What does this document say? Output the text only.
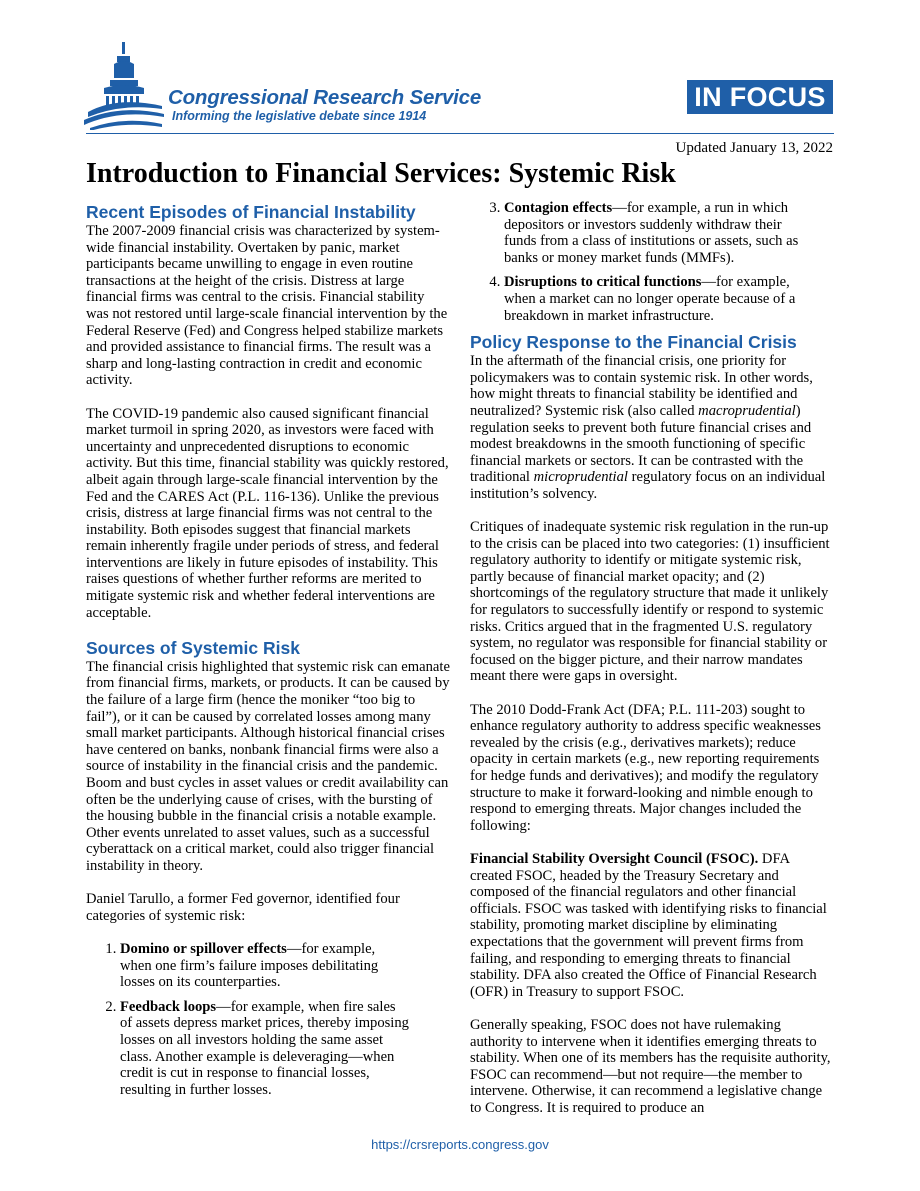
Congressional Research Service
Informing the legislative debate since 1914
IN FOCUS
Updated January 13, 2022
Introduction to Financial Services: Systemic Risk
Recent Episodes of Financial Instability

The 2007-2009 financial crisis was characterized by system-wide financial instability. Overtaken by panic, market participants became unwilling to engage in even routine transactions at the height of the crisis. Distress at large financial firms was central to the crisis. Financial stability was not restored until large-scale financial intervention by the Federal Reserve (Fed) and Congress helped stabilize markets and provided assistance to financial firms. The result was a sharp and long-lasting contraction in credit and economic activity.

The COVID-19 pandemic also caused significant financial market turmoil in spring 2020, as investors were faced with uncertainty and unprecedented disruptions to economic activity. But this time, financial stability was quickly restored, albeit again through large-scale financial intervention by the Fed and the CARES Act (P.L. 116-136). Unlike the previous crisis, distress at large financial firms was not central to the instability. Both episodes suggest that financial markets remain inherently fragile under periods of stress, and federal interventions are likely in future episodes of instability. This raises questions of whether further reforms are merited to mitigate systemic risk and whether federal interventions are acceptable.

Sources of Systemic Risk

The financial crisis highlighted that systemic risk can emanate from financial firms, markets, or products. It can be caused by the failure of a large firm (hence the moniker “too big to fail”), or it can be caused by correlated losses among many small market participants. Although historical financial crises have centered on banks, nonbank financial firms were also a source of instability in the financial crisis and the pandemic. Boom and bust cycles in asset values or credit availability can often be the underlying cause of crises, with the bursting of the housing bubble in the financial crisis a notable example. Other events unrelated to asset values, such as a successful cyberattack on a critical market, could also trigger financial instability in theory.

Daniel Tarullo, a former Fed governor, identified four categories of systemic risk:

1. Domino or spillover effects—for example, when one firm’s failure imposes debilitating losses on its counterparties.
2. Feedback loops—for example, when fire sales of assets depress market prices, thereby imposing losses on all investors holding the same asset class. Another example is deleveraging—when credit is cut in response to financial losses, resulting in further losses.
3. Contagion effects—for example, a run in which depositors or investors suddenly withdraw their funds from a class of institutions or assets, such as banks or money market funds (MMFs).
4. Disruptions to critical functions—for example, when a market can no longer operate because of a breakdown in market infrastructure.
Policy Response to the Financial Crisis

In the aftermath of the financial crisis, one priority for policymakers was to contain systemic risk. In other words, how might threats to financial stability be identified and neutralized? Systemic risk (also called macroprudential) regulation seeks to prevent both future financial crises and modest breakdowns in the smooth functioning of specific financial markets or sectors. It can be contrasted with the traditional microprudential regulatory focus on an individual institution’s solvency.

Critiques of inadequate systemic risk regulation in the run-up to the crisis can be placed into two categories: (1) insufficient regulatory authority to identify or mitigate systemic risk, partly because of financial market opacity; and (2) shortcomings of the regulatory structure that made it unlikely for regulators to successfully identify or respond to systemic risks. Critics argued that in the fragmented U.S. regulatory system, no regulator was responsible for financial stability or focused on the bigger picture, and their narrow mandates meant there were gaps in oversight.

The 2010 Dodd-Frank Act (DFA; P.L. 111-203) sought to enhance regulatory authority to address specific weaknesses revealed by the crisis (e.g., derivatives markets); reduce opacity in certain markets (e.g., new reporting requirements for hedge funds and derivatives); and modify the regulatory structure to make it forward-looking and nimble enough to respond to emerging threats. Major changes included the following:

Financial Stability Oversight Council (FSOC). DFA created FSOC, headed by the Treasury Secretary and composed of the financial regulators and other financial officials. FSOC was tasked with identifying risks to financial stability, promoting market discipline by eliminating expectations that the government will prevent firms from failing, and responding to emerging threats to financial stability. DFA also created the Office of Financial Research (OFR) in Treasury to support FSOC.

Generally speaking, FSOC does not have rulemaking authority to intervene when it identifies emerging threats to stability. When one of its members has the requisite authority, FSOC can recommend—but not require—the member to intervene. Otherwise, it can recommend a legislative change to Congress. It is required to produce an

https://crsreports.congress.gov
